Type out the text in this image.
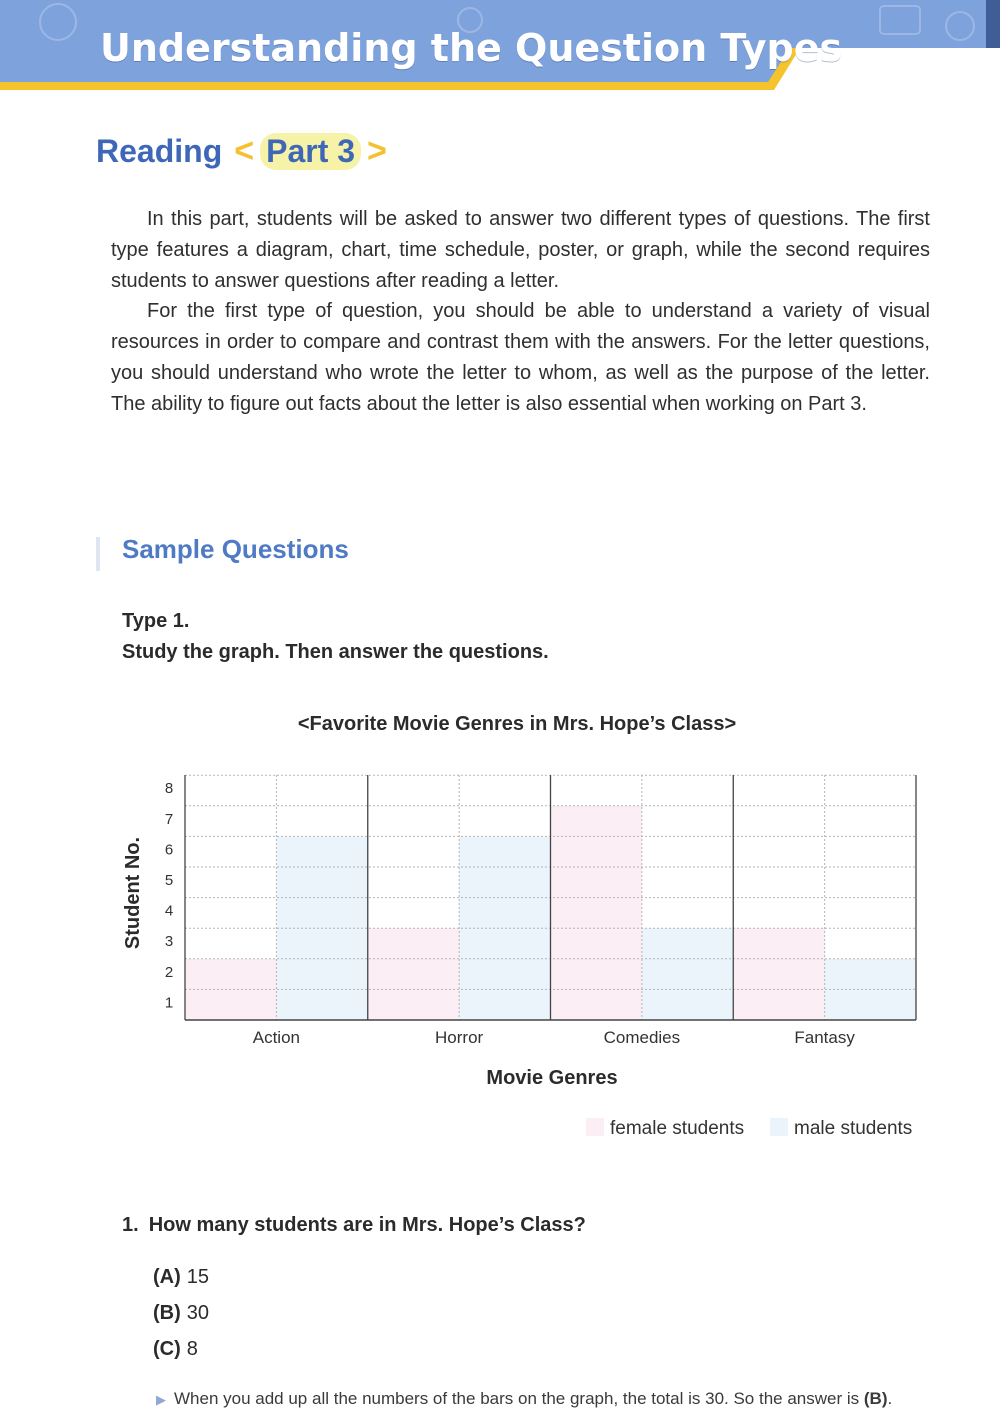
Understanding the Question Types
Reading < Part 3 >

In this part, students will be asked to answer two different types of questions. The first type features a diagram, chart, time schedule, poster, or graph, while the second requires students to answer questions after reading a letter.

For the first type of question, you should be able to understand a variety of visual resources in order to compare and contrast them with the answers. For the letter questions, you should understand who wrote the letter to whom, as well as the purpose of the letter. The ability to figure out facts about the letter is also essential when working on Part 3.

Sample Questions
Type 1.
Study the graph. Then answer the questions.
<Favorite Movie Genres in Mrs. Hope’s Class>
1
2
3
4
5
6
7
8
Action	Horror	Comedies	Fantasy
Movie Genres
Student No.
female students	male students
1. How many students are in Mrs. Hope’s Class?
(A) 15
(B) 30
(C) 8
▶ When you add up all the numbers of the bars on the graph, the total is 30. So the answer is (B).
